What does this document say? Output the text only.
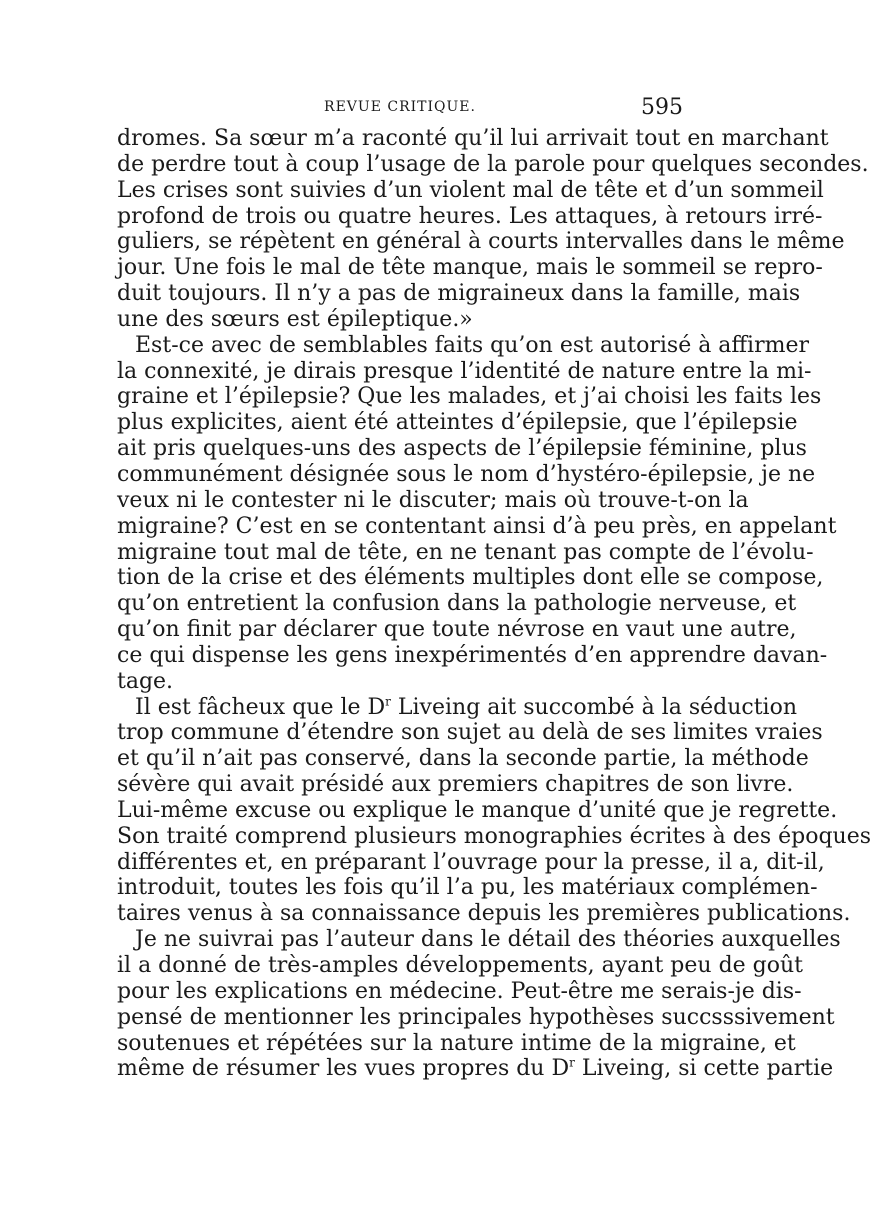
REVUE CRITIQUE.	595
dromes. Sa sœur m’a raconté qu’il lui arrivait tout en marchant
de perdre tout à coup l’usage de la parole pour quelques secondes.
Les crises sont suivies d’un violent mal de tête et d’un sommeil
profond de trois ou quatre heures. Les attaques, à retours irré-
guliers, se répètent en général à courts intervalles dans le même
jour. Une fois le mal de tête manque, mais le sommeil se repro-
duit toujours. Il n’y a pas de migraineux dans la famille, mais
une des sœurs est épileptique.»
Est-ce avec de semblables faits qu’on est autorisé à affirmer
la connexité, je dirais presque l’identité de nature entre la mi-
graine et l’épilepsie? Que les malades, et j’ai choisi les faits les
plus explicites, aient été atteintes d’épilepsie, que l’épilepsie
ait pris quelques-uns des aspects de l’épilepsie féminine, plus
communément désignée sous le nom d’hystéro-épilepsie, je ne
veux ni le contester ni le discuter; mais où trouve-t-on la
migraine? C’est en se contentant ainsi d’à peu près, en appelant
migraine tout mal de tête, en ne tenant pas compte de l’évolu-
tion de la crise et des éléments multiples dont elle se compose,
qu’on entretient la confusion dans la pathologie nerveuse, et
qu’on finit par déclarer que toute névrose en vaut une autre,
ce qui dispense les gens inexpérimentés d’en apprendre davan-
tage.
Il est fâcheux que le $D^r$ Liveing ait succombé à la séduction
trop commune d’étendre son sujet au delà de ses limites vraies
et qu’il n’ait pas conservé, dans la seconde partie, la méthode
sévère qui avait présidé aux premiers chapitres de son livre.
Lui-même excuse ou explique le manque d’unité que je regrette.
Son traité comprend plusieurs monographies écrites à des époques
différentes et, en préparant l’ouvrage pour la presse, il a, dit-il,
introduit, toutes les fois qu’il l’a pu, les matériaux complémen-
taires venus à sa connaissance depuis les premières publications.
Je ne suivrai pas l’auteur dans le détail des théories auxquelles
il a donné de très-amples développements, ayant peu de goût
pour les explications en médecine. Peut-être me serais-je dis-
pensé de mentionner les principales hypothèses succsssivement
soutenues et répétées sur la nature intime de la migraine, et
même de résumer les vues propres du $D^r$ Liveing, si cette partie
